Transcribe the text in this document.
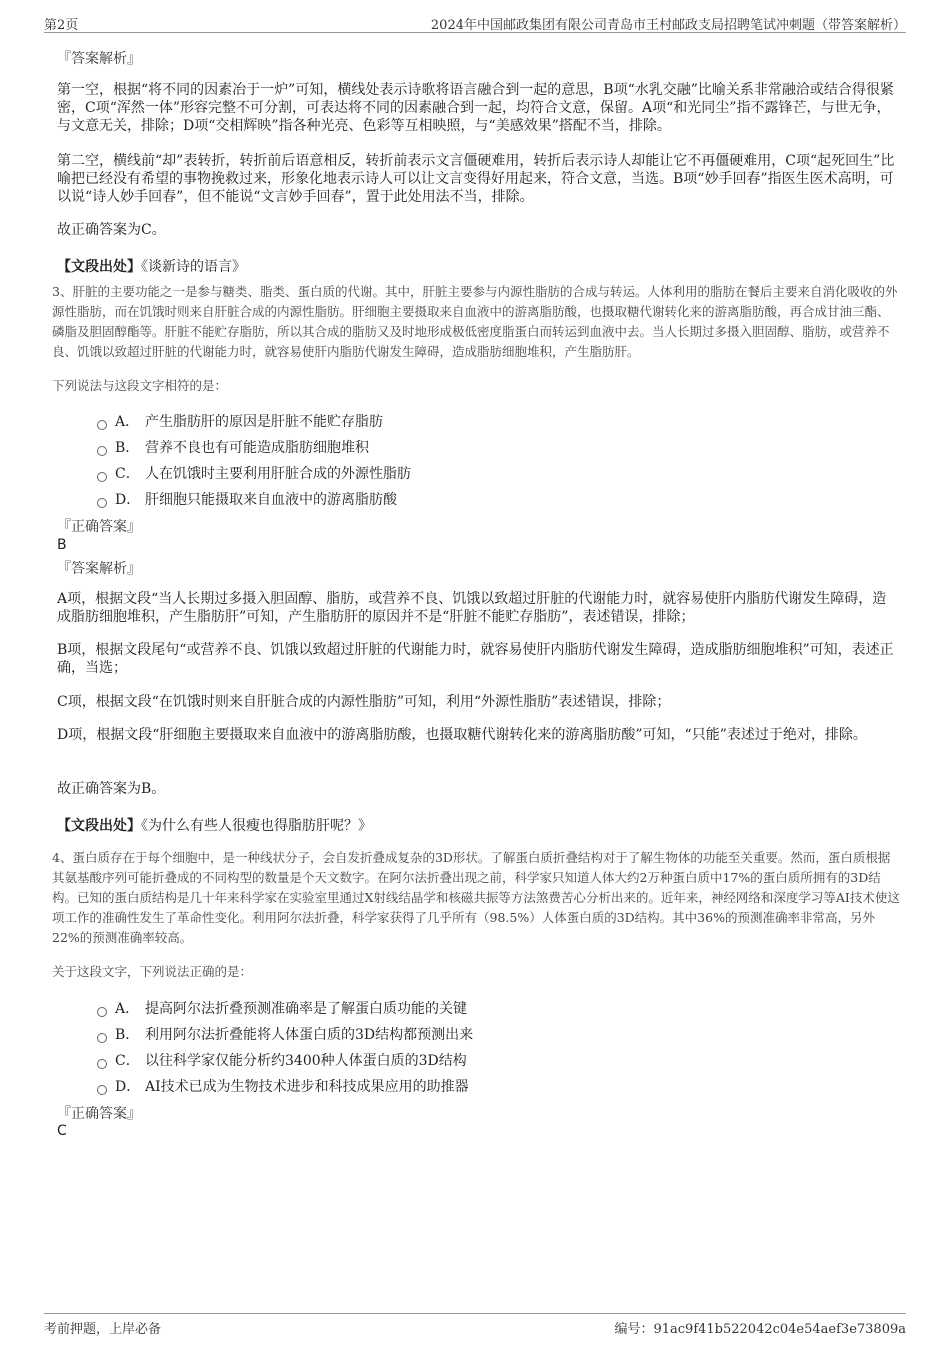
第2页	2024年中国邮政集团有限公司青岛市王村邮政支局招聘笔试冲刺题（带答案解析）
『答案解析』
第一空，根据“将不同的因素冶于一炉”可知，横线处表示诗歌将语言融合到一起的意思，B项“水乳交融”比喻关系非常融洽或结合得很紧密，C项“浑然一体”形容完整不可分割，可表达将不同的因素融合到一起，均符合文意，保留。A项“和光同尘”指不露锋芒，与世无争，与文意无关，排除；D项“交相辉映”指各种光亮、色彩等互相映照，与“美感效果”搭配不当，排除。
第二空，横线前“却”表转折，转折前后语意相反，转折前表示文言僵硬难用，转折后表示诗人却能让它不再僵硬难用，C项“起死回生”比喻把已经没有希望的事物挽救过来，形象化地表示诗人可以让文言变得好用起来，符合文意，当选。B项“妙手回春”指医生医术高明，可以说“诗人妙手回春”，但不能说“文言妙手回春”，置于此处用法不当，排除。
故正确答案为C。
【文段出处】《谈新诗的语言》
3、肝脏的主要功能之一是参与糖类、脂类、蛋白质的代谢。其中，肝脏主要参与内源性脂肪的合成与转运。人体利用的脂肪在餐后主要来自消化吸收的外源性脂肪，而在饥饿时则来自肝脏合成的内源性脂肪。肝细胞主要摄取来自血液中的游离脂肪酸，也摄取糖代谢转化来的游离脂肪酸，再合成甘油三酯、磷脂及胆固醇酯等。肝脏不能贮存脂肪，所以其合成的脂肪又及时地形成极低密度脂蛋白而转运到血液中去。当人长期过多摄入胆固醇、脂肪，或营养不良、饥饿以致超过肝脏的代谢能力时，就容易使肝内脂肪代谢发生障碍，造成脂肪细胞堆积，产生脂肪肝。
下列说法与这段文字相符的是：
A． 产生脂肪肝的原因是肝脏不能贮存脂肪
B． 营养不良也有可能造成脂肪细胞堆积
C． 人在饥饿时主要利用肝脏合成的外源性脂肪
D． 肝细胞只能摄取来自血液中的游离脂肪酸
『正确答案』
B
『答案解析』
A项，根据文段“当人长期过多摄入胆固醇、脂肪，或营养不良、饥饿以致超过肝脏的代谢能力时，就容易使肝内脂肪代谢发生障碍，造成脂肪细胞堆积，产生脂肪肝”可知，产生脂肪肝的原因并不是“肝脏不能贮存脂肪”，表述错误，排除；
B项，根据文段尾句“或营养不良、饥饿以致超过肝脏的代谢能力时，就容易使肝内脂肪代谢发生障碍，造成脂肪细胞堆积”可知，表述正确，当选；
C项，根据文段“在饥饿时则来自肝脏合成的内源性脂肪”可知，利用“外源性脂肪”表述错误，排除；
D项，根据文段“肝细胞主要摄取来自血液中的游离脂肪酸，也摄取糖代谢转化来的游离脂肪酸”可知，“只能”表述过于绝对，排除。
故正确答案为B。
【文段出处】《为什么有些人很瘦也得脂肪肝呢？》
4、蛋白质存在于每个细胞中，是一种线状分子，会自发折叠成复杂的3D形状。了解蛋白质折叠结构对于了解生物体的功能至关重要。然而，蛋白质根据其氨基酸序列可能折叠成的不同构型的数量是个天文数字。在阿尔法折叠出现之前，科学家只知道人体大约2万种蛋白质中17%的蛋白质所拥有的3D结构。已知的蛋白质结构是几十年来科学家在实验室里通过X射线结晶学和核磁共振等方法煞费苦心分析出来的。近年来，神经网络和深度学习等AI技术使这项工作的准确性发生了革命性变化。利用阿尔法折叠，科学家获得了几乎所有（98.5%）人体蛋白质的3D结构。其中36%的预测准确率非常高，另外22%的预测准确率较高。
关于这段文字，下列说法正确的是：
A． 提高阿尔法折叠预测准确率是了解蛋白质功能的关键
B． 利用阿尔法折叠能将人体蛋白质的3D结构都预测出来
C． 以往科学家仅能分析约3400种人体蛋白质的3D结构
D． AI技术已成为生物技术进步和科技成果应用的助推器
『正确答案』
C
考前押题，上岸必备	编号：91ac9f41b522042c04e54aef3e73809a
